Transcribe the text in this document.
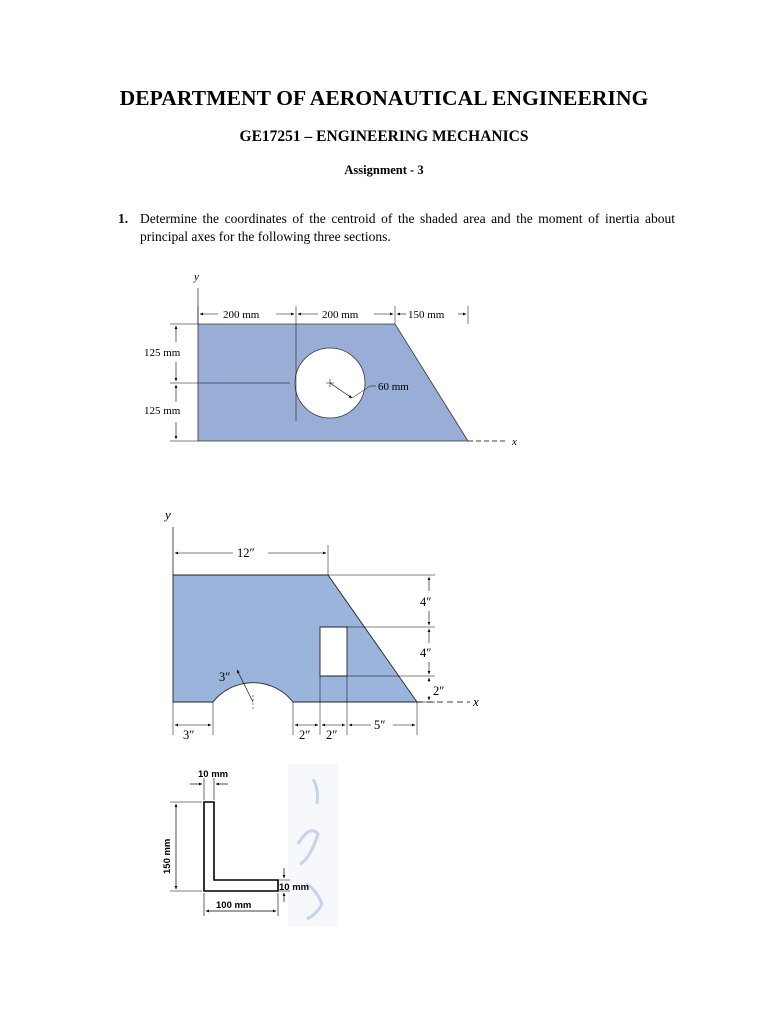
DEPARTMENT OF AERONAUTICAL ENGINEERING
GE17251 – ENGINEERING MECHANICS
Assignment - 3
1. Determine the coordinates of the centroid of the shaded area and the moment of inertia about principal axes for the following three sections.

y
x
200 mm	200 mm	150 mm
125 mm
125 mm
60 mm
y
x
12″
4″
4″
2″
3″
3″	2″ 2″
5″
10 mm
150 mm
10 mm
100 mm
